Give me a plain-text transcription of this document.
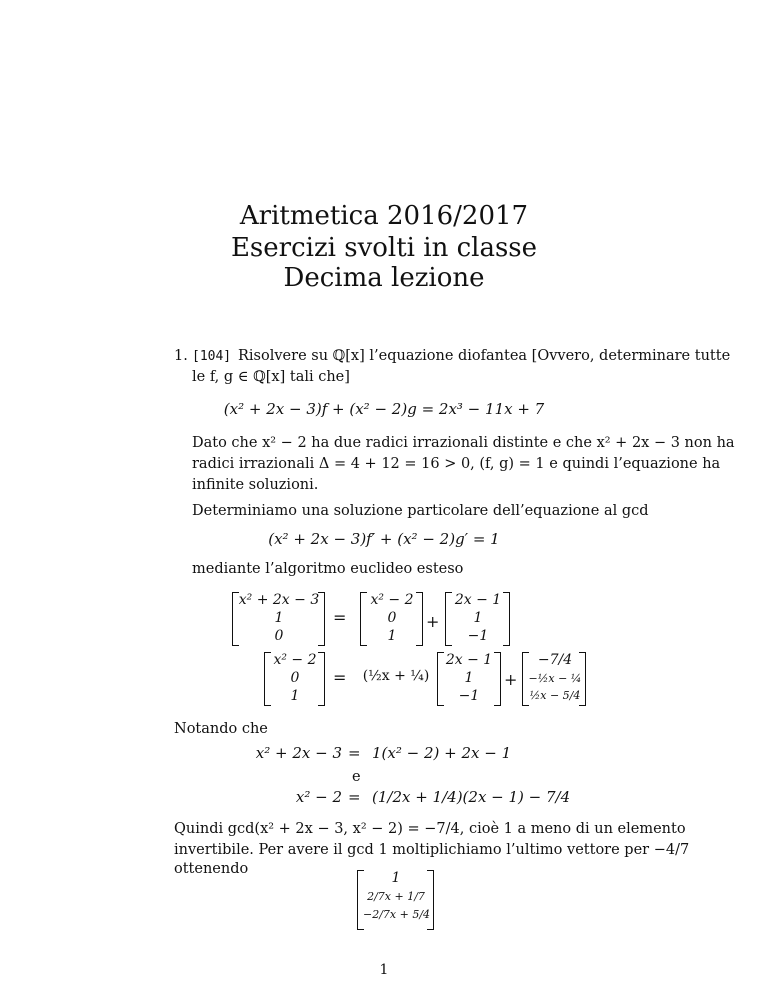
Aritmetica 2016/2017
Esercizi svolti in classe
Decima lezione
1. [104] Risolvere su ℚ[x] l’equazione diofantea [Ovvero, determinare tutte
le f, g ∈ ℚ[x] tali che]
(x² + 2x − 3)f + (x² − 2)g = 2x³ − 11x + 7
Dato che x² − 2 ha due radici irrazionali distinte e che x² + 2x − 3 non ha
radici irrazionali Δ = 4 + 12 = 16 > 0, (f, g) = 1 e quindi l’equazione ha
infinite soluzioni.
Determiniamo una soluzione particolare dell’equazione al gcd
(x² + 2x − 3)f′ + (x² − 2)g′ = 1
mediante l’algoritmo euclideo esteso
x² + 2x − 3
1
0
=
x² − 2
0
1
+
2x − 1
1
−1
x² − 2
0
1
=	(½x + ¼)
2x − 1
1
−1
+
−7/4
−½x − ¼
½x − 5/4
Notando che
x² + 2x − 3 = 1(x² − 2) + 2x − 1
e
x² − 2 = (1/2x + 1/4)(2x − 1) − 7/4
Quindi gcd(x² + 2x − 3, x² − 2) = −7/4, cioè 1 a meno di un elemento
invertibile. Per avere il gcd 1 moltiplichiamo l’ultimo vettore per −4/7
ottenendo
1
2/7x + 1/7
−2/7x + 5/4
1
